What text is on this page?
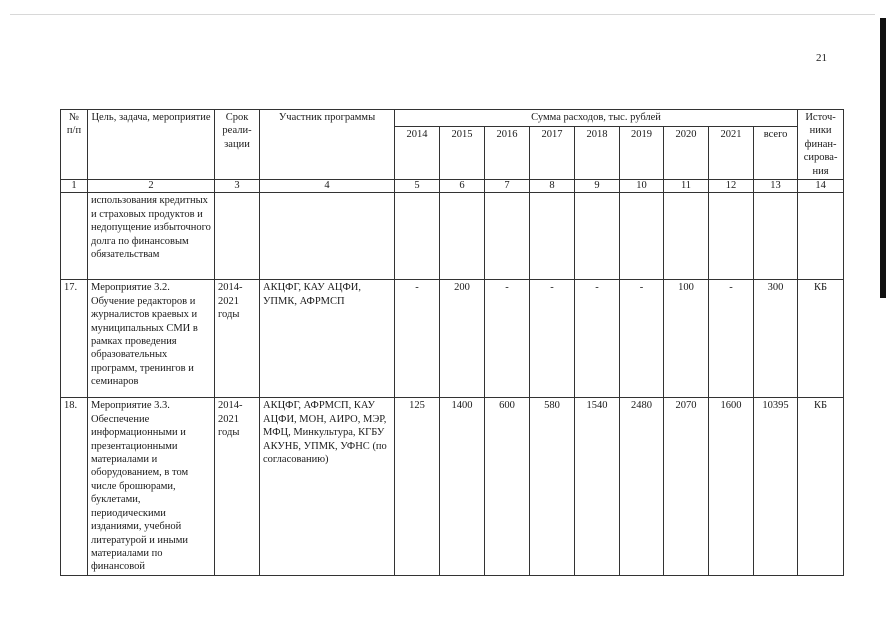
21
№ п/п	Цель, задача, мероприятие	Срок реали-зации	Участник программы	Сумма расходов, тыс. рублей									Источ-ники финан-сирова-ния
				2014	2015	2016	2017	2018	2019	2020	2021	всего	
1	2	3	4	5	6	7	8	9	10	11	12	13	14
	использования кредитных и страховых продуктов и недопущение избыточного долга по финансовым обязательствам												
17.	Мероприятие 3.2. Обучение редакторов и журналистов краевых и муниципальных СМИ в рамках проведения образовательных программ, тренингов и семинаров	2014-2021 годы	АКЦФГ, КАУ АЦФИ, УПМК, АФРМСП	-	200	-	-	-	-	100	-	300	КБ
18.	Мероприятие 3.3. Обеспечение информационными и презентационными материалами и оборудованием, в том числе брошюрами, буклетами, периодическими изданиями, учебной литературой и иными материалами по финансовой	2014-2021 годы	АКЦФГ, АФРМСП, КАУ АЦФИ, МОН, АИРО, МЭР, МФЦ, Минкультура, КГБУ АКУНБ, УПМК, УФНС (по согласованию)	125	1400	600	580	1540	2480	2070	1600	10395	КБ
